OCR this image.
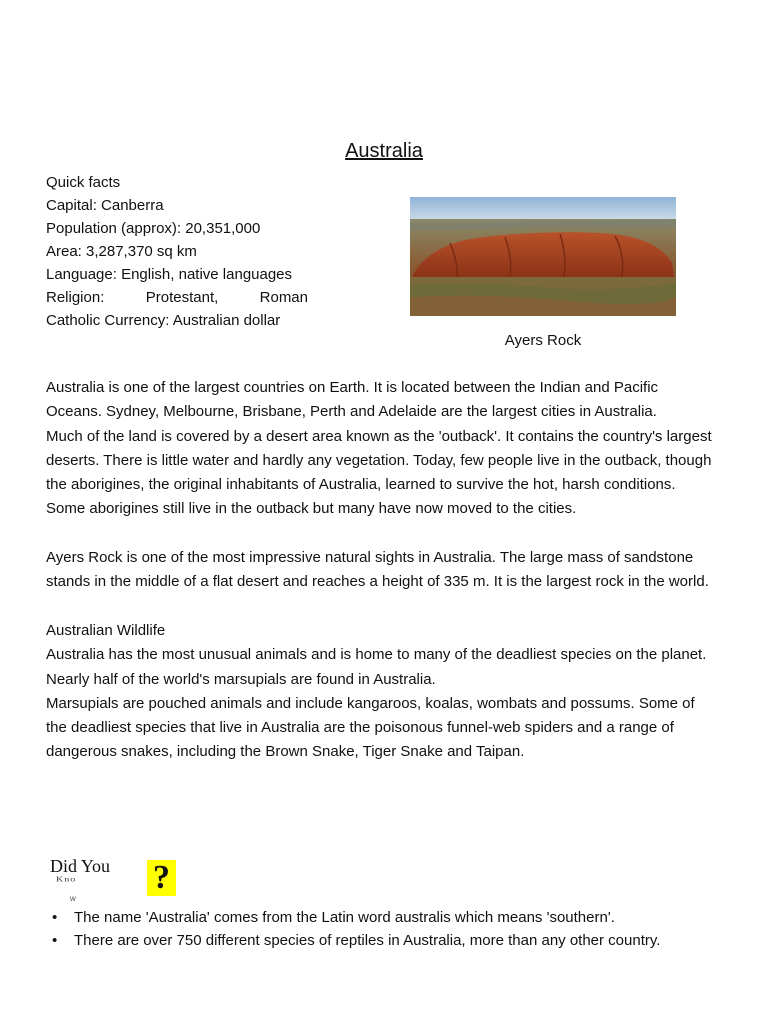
Australia
Quick facts
Capital: Canberra
Population (approx): 20,351,000
Area: 3,287,370 sq km
Language: English, native languages
Religion:	Protestant,	Roman
Catholic Currency: Australian dollar
Ayers Rock

Australia is one of the largest countries on Earth. It is located between the Indian and Pacific Oceans. Sydney, Melbourne, Brisbane, Perth and Adelaide are the largest cities in Australia.

Much of the land is covered by a desert area known as the 'outback'. It contains the country's largest deserts. There is little water and hardly any vegetation. Today, few people live in the outback, though the aborigines, the original inhabitants of Australia, learned to survive the hot, harsh conditions. Some aborigines still live in the outback but many have now moved to the cities.

Ayers Rock is one of the most impressive natural sights in Australia. The large mass of sandstone stands in the middle of a flat desert and reaches a height of 335 m. It is the largest rock in the world.

Australian Wildlife

Australia has the most unusual animals and is home to many of the deadliest species on the planet. Nearly half of the world's marsupials are found in Australia.

Marsupials are pouched animals and include kangaroos, koalas, wombats and possums. Some of the deadliest species that live in Australia are the poisonous funnel-web spiders and a range of dangerous snakes, including the Brown Snake, Tiger Snake and Taipan.

Did You
Kno
w
?
• The name 'Australia' comes from the Latin word australis which means 'southern'.
• There are over 750 different species of reptiles in Australia, more than any other country.
